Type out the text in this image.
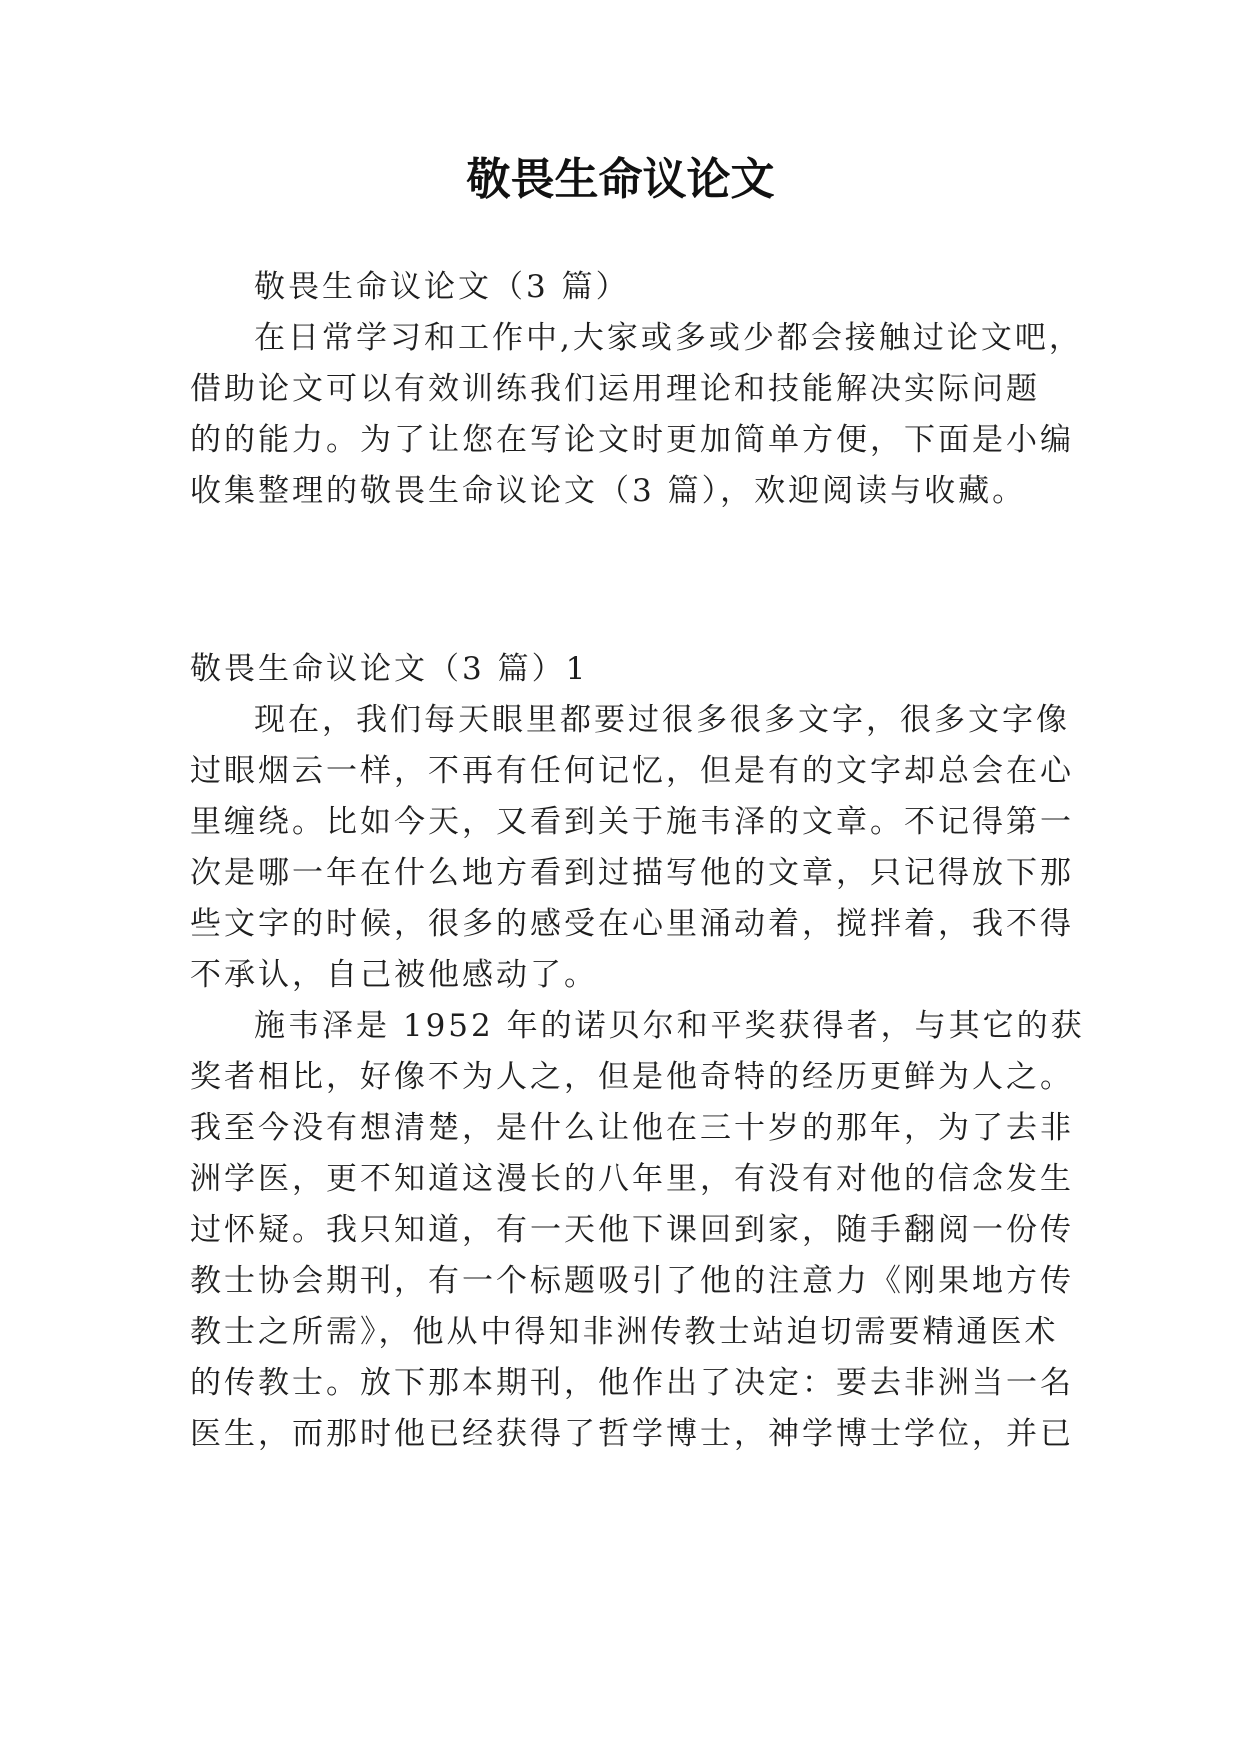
敬畏生命议论文
敬畏生命议论文（3 篇）
在日常学习和工作中,大家或多或少都会接触过论文吧，
借助论文可以有效训练我们运用理论和技能解决实际问题
的的能力。为了让您在写论文时更加简单方便，下面是小编
收集整理的敬畏生命议论文（3 篇），欢迎阅读与收藏。
敬畏生命议论文（3 篇）1
现在，我们每天眼里都要过很多很多文字，很多文字像
过眼烟云一样，不再有任何记忆，但是有的文字却总会在心
里缠绕。比如今天，又看到关于施韦泽的文章。不记得第一
次是哪一年在什么地方看到过描写他的文章，只记得放下那
些文字的时候，很多的感受在心里涌动着，搅拌着，我不得
不承认，自己被他感动了。
施韦泽是 1952 年的诺贝尔和平奖获得者，与其它的获
奖者相比，好像不为人之，但是他奇特的经历更鲜为人之。
我至今没有想清楚，是什么让他在三十岁的那年，为了去非
洲学医，更不知道这漫长的八年里，有没有对他的信念发生
过怀疑。我只知道，有一天他下课回到家，随手翻阅一份传
教士协会期刊，有一个标题吸引了他的注意力《刚果地方传
教士之所需》，他从中得知非洲传教士站迫切需要精通医术
的传教士。放下那本期刊，他作出了决定：要去非洲当一名
医生，而那时他已经获得了哲学博士，神学博士学位，并已
